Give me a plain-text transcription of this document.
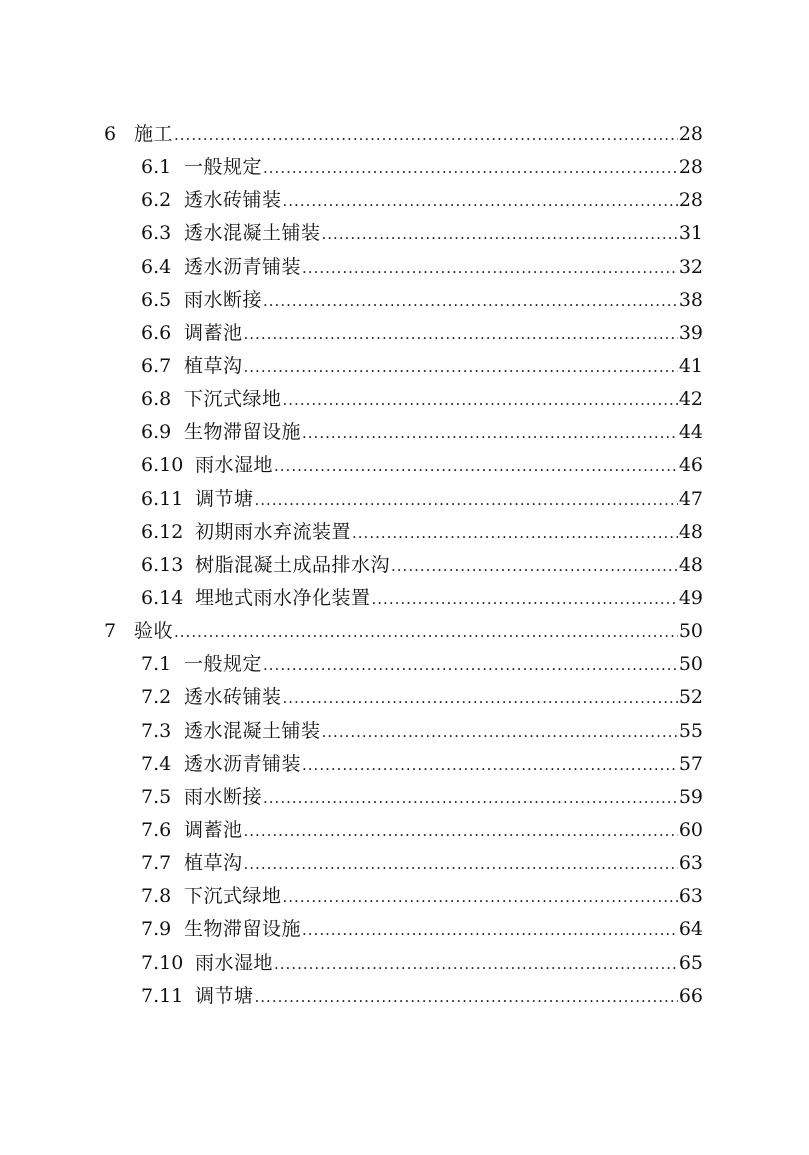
6 施工 .....	28
6.1 一般规定 .....	28
6.2 透水砖铺装 .....	28
6.3 透水混凝土铺装 .....	31
6.4 透水沥青铺装 .....	32
6.5 雨水断接 .....	38
6.6 调蓄池 .....	39
6.7 植草沟 .....	41
6.8 下沉式绿地 .....	42
6.9 生物滞留设施 .....	44
6.10 雨水湿地 .....	46
6.11 调节塘 .....	47
6.12 初期雨水弃流装置 .....	48
6.13 树脂混凝土成品排水沟 .....	48
6.14 埋地式雨水净化装置 .....	49
7 验收 .....	50
7.1 一般规定 .....	50
7.2 透水砖铺装 .....	52
7.3 透水混凝土铺装 .....	55
7.4 透水沥青铺装 .....	57
7.5 雨水断接 .....	59
7.6 调蓄池 .....	60
7.7 植草沟 .....	63
7.8 下沉式绿地 .....	63
7.9 生物滞留设施 .....	64
7.10 雨水湿地 .....	65
7.11 调节塘 .....	66
